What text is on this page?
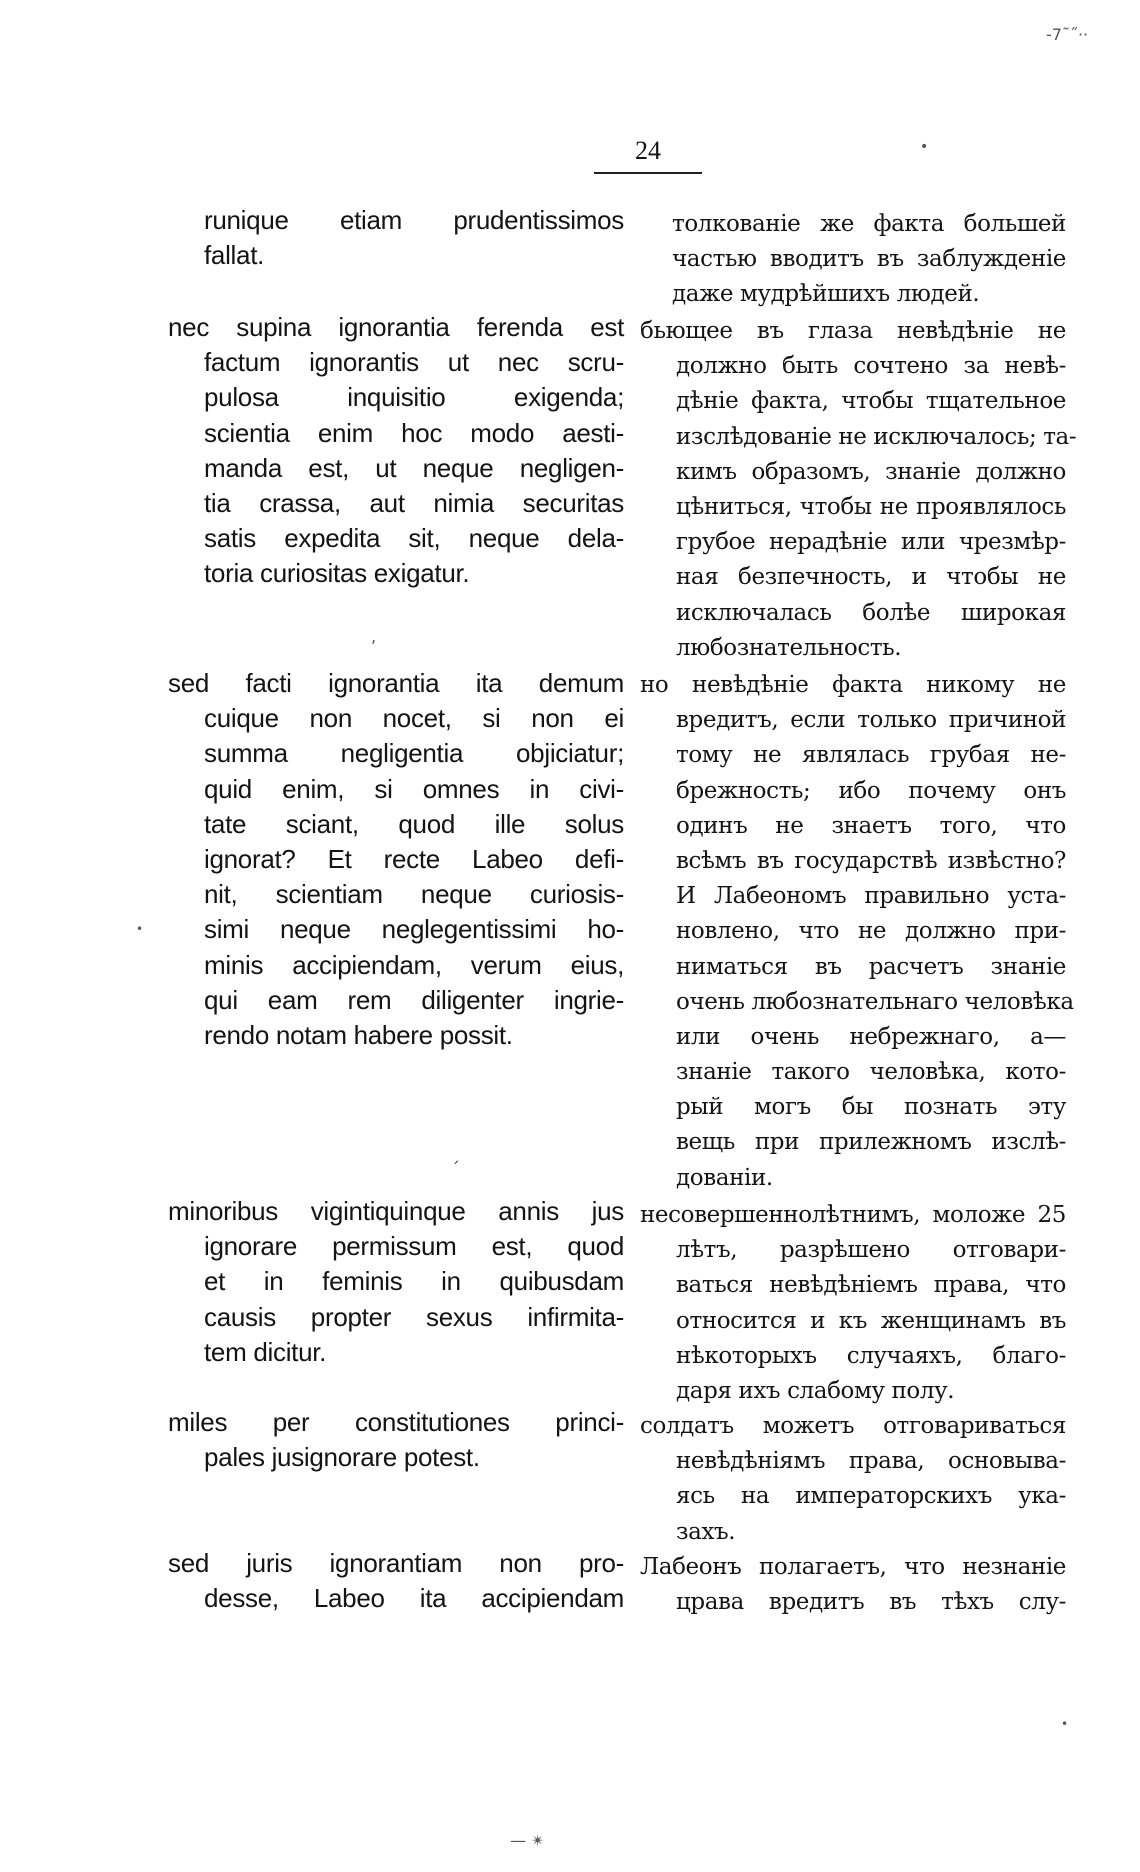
-7˜˝··
•
,
•
´
•
— ✴
24
runique etiam prudentissimos
fallat.
толкованіе же факта большей
частью вводитъ въ заблужденіе
даже мудрѣйшихъ людей.
nec supina ignorantia ferenda est
factum ignorantis ut nec scru-
pulosa inquisitio exigenda;
scientia enim hoc modo aesti-
manda est, ut neque negligen-
tia crassa, aut nimia securitas
satis expedita sit, neque dela-
toria curiositas exigatur.
бьющее въ глаза невѣдѣніе не
должно быть сочтено за невѣ-
дѣніе факта, чтобы тщательное
изслѣдованіе не исключалось; та-
кимъ образомъ, знаніе должно
цѣниться, чтобы не проявлялось
грубое нерадѣніе или чрезмѣр-
ная безпечность, и чтобы не
исключалась болѣе широкая
любознательность.
sed facti ignorantia ita demum
cuique non nocet, si non ei
summa negligentia objiciatur;
quid enim, si omnes in civi-
tate sciant, quod ille solus
ignorat? Et recte Labeo defi-
nit, scientiam neque curiosis-
simi neque neglegentissimi ho-
minis accipiendam, verum eius,
qui eam rem diligenter ingrie-
rendo notam habere possit.
но невѣдѣніе факта никому не
вредитъ, если только причиной
тому не являлась грубая не-
брежность; ибо почему онъ
одинъ не знаетъ того, что
всѣмъ въ государствѣ извѣстно?
И Лабеономъ правильно уста-
новлено, что не должно при-
ниматься въ расчетъ знаніе
очень любознательнаго человѣка
или очень небрежнаго, а—
знаніе такого человѣка, кото-
рый могъ бы познать эту
вещь при прилежномъ изслѣ-
дованіи.
minoribus vigintiquinque annis jus
ignorare permissum est, quod
et in feminis in quibusdam
causis propter sexus infirmita-
tem dicitur.
несовершеннолѣтнимъ, моложе 25
лѣтъ, разрѣшено отговари-
ваться невѣдѣніемъ права, что
относится и къ женщинамъ въ
нѣкоторыхъ случаяхъ, благо-
даря ихъ слабому полу.
miles per constitutiones princi-
pales jusignorare potest.
солдатъ можетъ отговариваться
невѣдѣніямъ права, основыва-
ясь на императорскихъ ука-
захъ.
sed juris ignorantiam non pro-
desse, Labeo ita accipiendam
Лабеонъ полагаетъ, что незнаніе
црава вредитъ въ тѣхъ слу-
